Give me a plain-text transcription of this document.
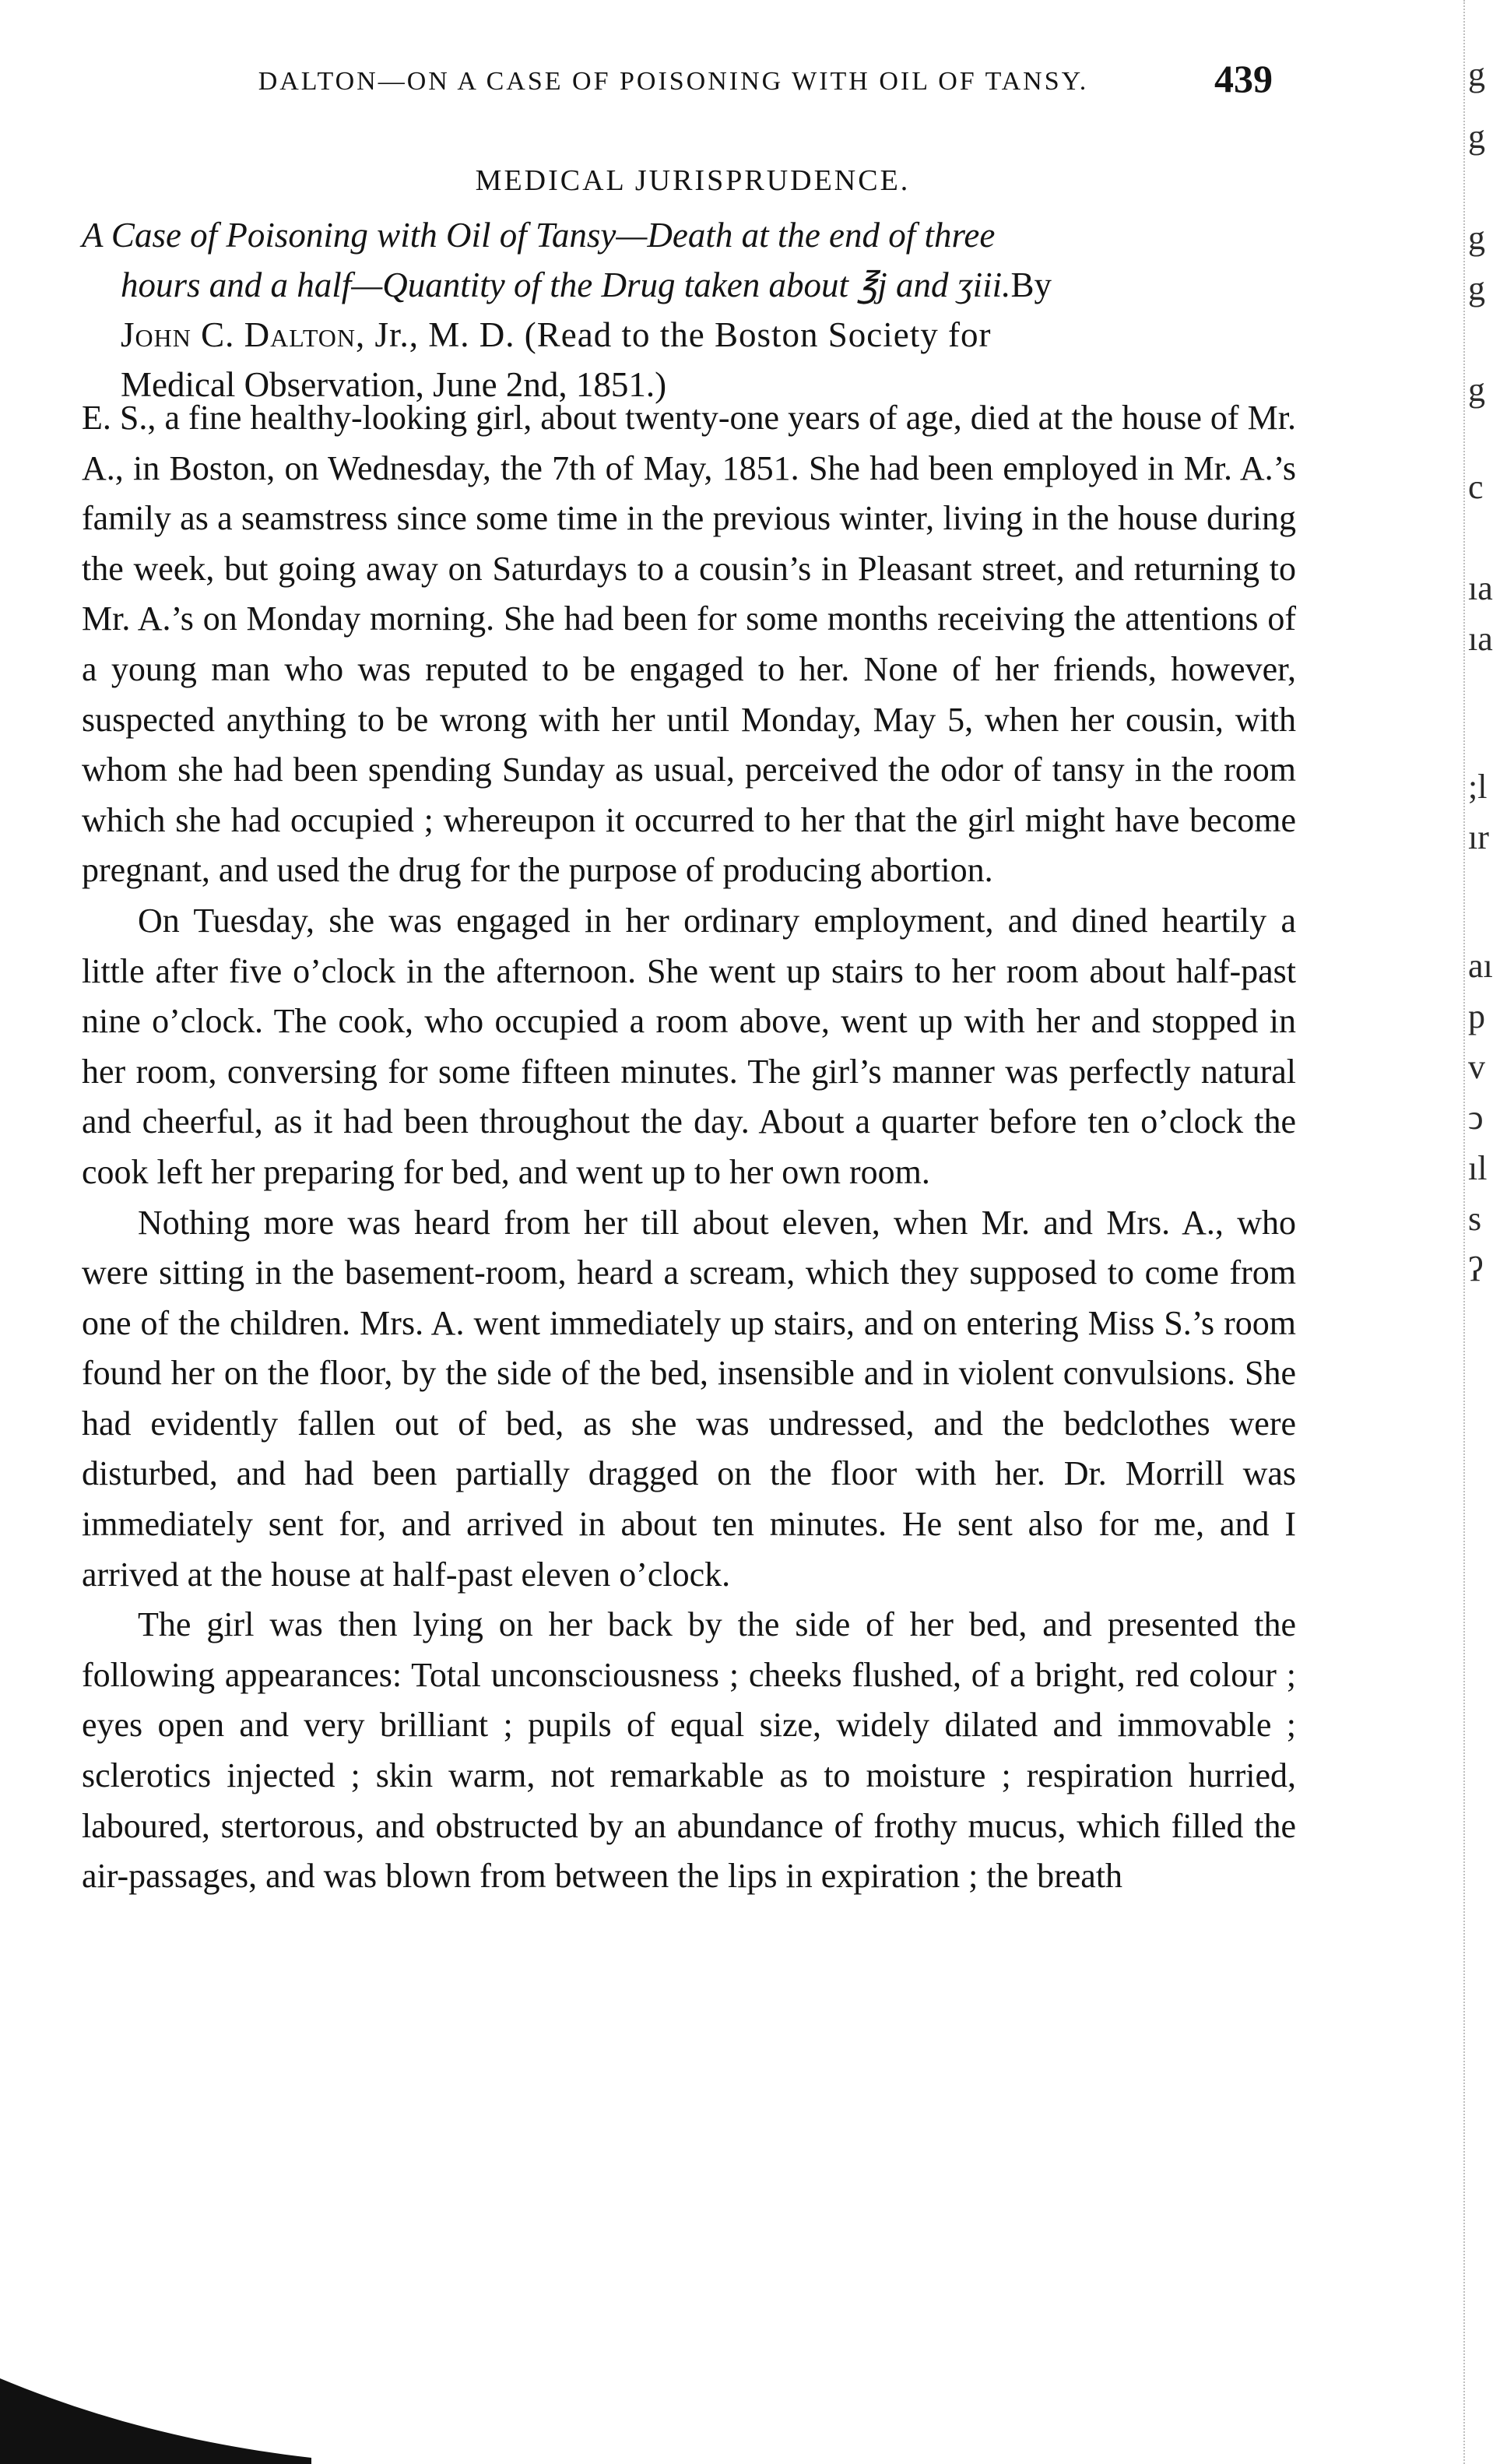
DALTON—ON A CASE OF POISONING WITH OIL OF TANSY.	439
MEDICAL JURISPRUDENCE.
A Case of Poisoning with Oil of Tansy—Death at the end of three
hours and a half—Quantity of the Drug taken about ℥j and ʒiii.By
John C. Dalton, Jr., M. D. (Read to the Boston Society for
Medical Observation, June 2nd, 1851.)

E. S., a fine healthy-looking girl, about twenty-one years of age, died at the house of Mr. A., in Boston, on Wednesday, the 7th of May, 1851. She had been employed in Mr. A.’s family as a seamstress since some time in the previous winter, living in the house during the week, but going away on Saturdays to a cousin’s in Pleasant street, and returning to Mr. A.’s on Monday morning. She had been for some months receiving the attentions of a young man who was reputed to be engaged to her. None of her friends, however, suspected anything to be wrong with her until Monday, May 5, when her cousin, with whom she had been spending Sunday as usual, perceived the odor of tansy in the room which she had occupied ; whereupon it occurred to her that the girl might have become pregnant, and used the drug for the purpose of producing abortion.

On Tuesday, she was engaged in her ordinary employment, and dined heartily a little after five o’clock in the afternoon. She went up stairs to her room about half-past nine o’clock. The cook, who occupied a room above, went up with her and stopped in her room, conversing for some fifteen minutes. The girl’s manner was perfectly natural and cheerful, as it had been throughout the day. About a quarter before ten o’clock the cook left her preparing for bed, and went up to her own room.

Nothing more was heard from her till about eleven, when Mr. and Mrs. A., who were sitting in the basement-room, heard a scream, which they supposed to come from one of the children. Mrs. A. went immediately up stairs, and on entering Miss S.’s room found her on the floor, by the side of the bed, insensible and in violent convulsions. She had evidently fallen out of bed, as she was undressed, and the bedclothes were disturbed, and had been partially dragged on the floor with her. Dr. Morrill was immediately sent for, and arrived in about ten minutes. He sent also for me, and I arrived at the house at half-past eleven o’clock.

The girl was then lying on her back by the side of her bed, and presented the following appearances: Total unconsciousness ; cheeks flushed, of a bright, red colour ; eyes open and very brilliant ; pupils of equal size, widely dilated and immovable ; sclerotics injected ; skin warm, not remarkable as to moisture ; respiration hurried, laboured, stertorous, and obstructed by an abundance of frothy mucus, which filled the air-passages, and was blown from between the lips in expiration ; the breath

g
g
g
g
g
c
ıa
ıa
;l
ır
aı
p
v
ↄ
ıl
s
ʔ
